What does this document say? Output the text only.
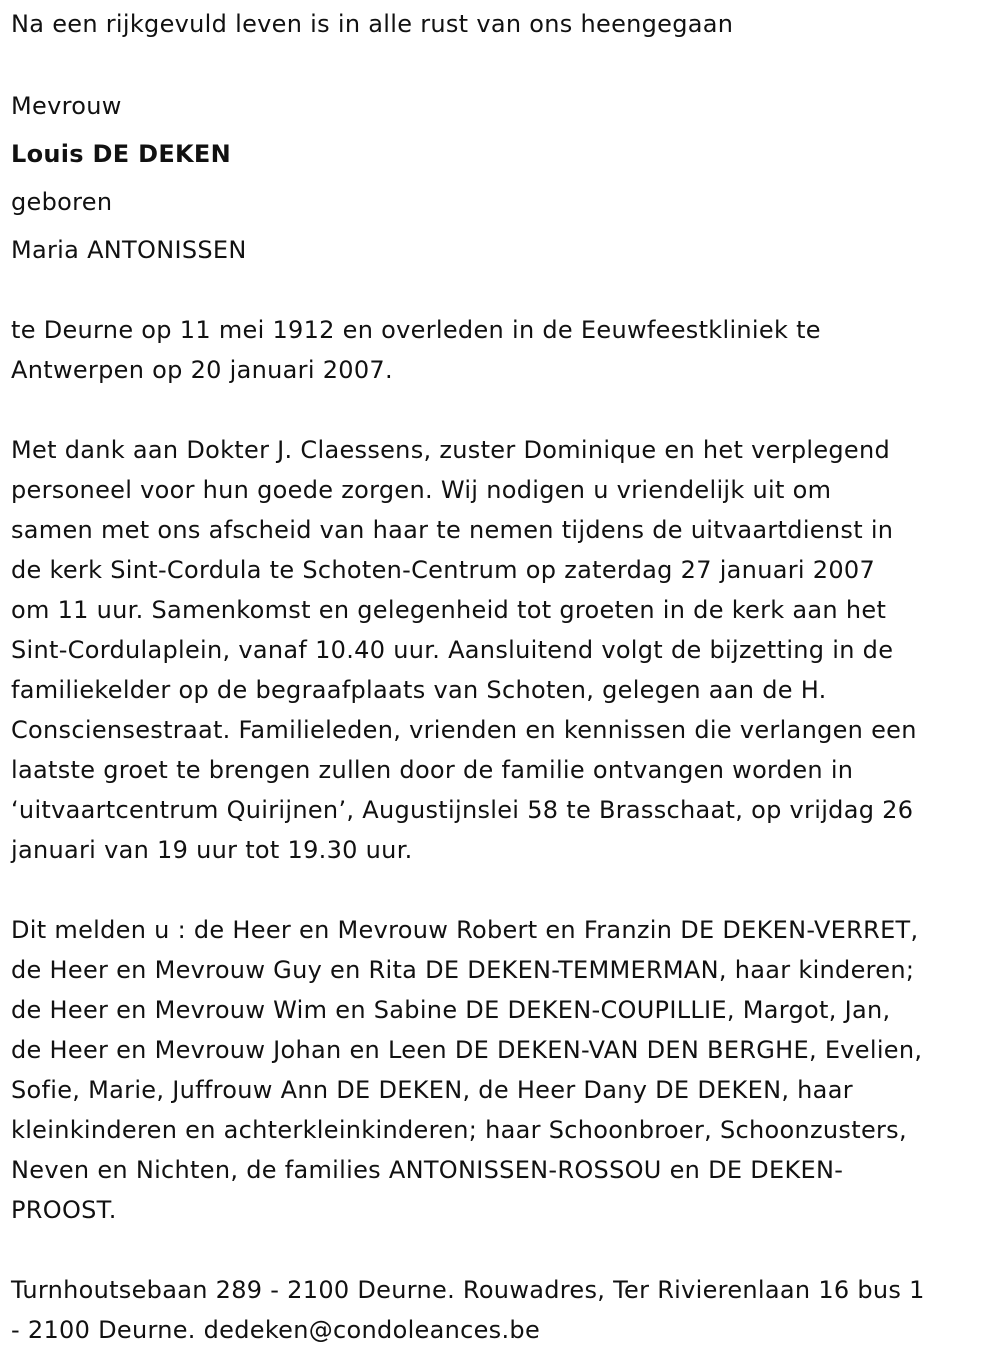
Na een rijkgevuld leven is in alle rust van ons heengegaan
Mevrouw
Louis DE DEKEN
geboren
Maria ANTONISSEN
te Deurne op 11 mei 1912 en overleden in de Eeuwfeestkliniek te
Antwerpen op 20 januari 2007.
Met dank aan Dokter J. Claessens, zuster Dominique en het verplegend
personeel voor hun goede zorgen. Wij nodigen u vriendelijk uit om
samen met ons afscheid van haar te nemen tijdens de uitvaartdienst in
de kerk Sint-Cordula te Schoten-Centrum op zaterdag 27 januari 2007
om 11 uur. Samenkomst en gelegenheid tot groeten in de kerk aan het
Sint-Cordulaplein, vanaf 10.40 uur. Aansluitend volgt de bijzetting in de
familiekelder op de begraafplaats van Schoten, gelegen aan de H.
Consciensestraat. Familieleden, vrienden en kennissen die verlangen een
laatste groet te brengen zullen door de familie ontvangen worden in
‘uitvaartcentrum Quirijnen’, Augustijnslei 58 te Brasschaat, op vrijdag 26
januari van 19 uur tot 19.30 uur.
Dit melden u : de Heer en Mevrouw Robert en Franzin DE DEKEN-VERRET,
de Heer en Mevrouw Guy en Rita DE DEKEN-TEMMERMAN, haar kinderen;
de Heer en Mevrouw Wim en Sabine DE DEKEN-COUPILLIE, Margot, Jan,
de Heer en Mevrouw Johan en Leen DE DEKEN-VAN DEN BERGHE, Evelien,
Sofie, Marie, Juffrouw Ann DE DEKEN, de Heer Dany DE DEKEN, haar
kleinkinderen en achterkleinkinderen; haar Schoonbroer, Schoonzusters,
Neven en Nichten, de families ANTONISSEN-ROSSOU en DE DEKEN-
PROOST.
Turnhoutsebaan 289 - 2100 Deurne. Rouwadres, Ter Rivierenlaan 16 bus 1
- 2100 Deurne. dedeken@condoleances.be
